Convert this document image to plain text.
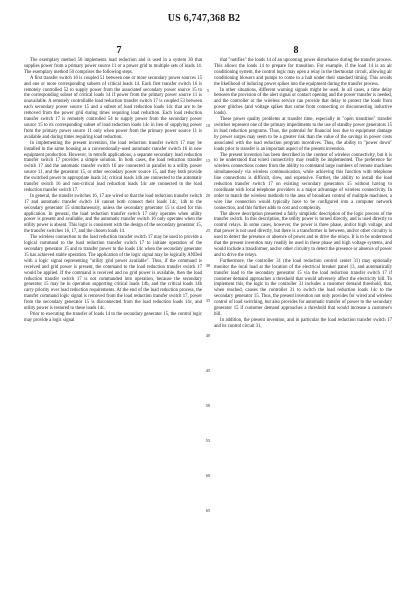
US 6,747,368 B2
7	8

The exemplary method 50 implements load reduction and is used in a system 30 that supplies power from a primary power source 11 or a power grid to multiple sets of loads 14. The exemplary method 50 comprises the following steps.

A first transfer switch 16 is coupled 51 between one or more secondary power sources 15 and one or more corresponding subsets of critical loads 14. Each first transfer switch 16 is remotely controlled 52 to supply power from the associated secondary power source 15 to the corresponding subset of critical loads 14 if power from the primary power source 11 is unavailable. A remotely controllable load reduction transfer switch 17 is coupled 53 between each secondary power source 15 and a subset of load reduction loads 14c that are to be removed from the power grid during times requiring load reduction. Each load reduction transfer switch 17 is remotely controlled 54 to supply power from the secondary power source 15 to its corresponding subset of load reduction loads 14c in lieu of supplying power from the primary power source 11 only when power from the primary power source 11 is available and during times requiring load reduction.

In implementing the present invention, the load reduction transfer switch 17 may be installed in the same housing as a conventionally-used automatic transfer switch 16 in new equipment production. However, in retrofit applications, a separate secondary load reduction transfer switch 17 provides a simple solution. In both cases, the load reduction transfer switch 17 and the automatic transfer switch 16 are connected in parallel to a utility power source 11, and the generator 15, or other secondary power source 15, and they both provide the switched power to appropriate loads 14; critical loads 14b are connected to the automatic transfer switch 16 and non-critical load reduction loads 14c are connected to the load reduction transfer switch 17.

In general, the transfer switches 16, 17 are wired so that the load reduction transfer switch 17 and automatic transfer switch 16 cannot both connect their loads 14c, 14b to the secondary generator 15 simultaneously, unless the secondary generator 15 is sized for this application. In general, the load reduction transfer switch 17 only operates when utility power is present and available, and the automatic transfer switch 16 only operates when the utility power is absent. This logic is consistent with the design of the secondary generator 15, the transfer switches 16, 17, and the chosen loads 14.

The wireless connection to the load reduction transfer switch 17 may be used to provide a logical command to the load reduction transfer switch 17 to initiate operation of the secondary generator 15 and to transfer power to the loads 14c when the secondary generator 15 has achieved stable operation. The application of the logic signal may be logically ANDed with a logic signal representing "utility grid power available". Thus, if the command is received and grid power is present, the command to the load reduction transfer switch 17 would be applied. If the command is received and no grid power is available, then the load reduction transfer switch 17 is not commanded into operation, because the secondary generator 15 may be in operation supporting critical loads 14b, and the critical loads 14b carry priority over load reduction requirements. At the end of the load reduction process, the transfer command logic signal is removed from the load reduction transfer switch 17, power from the secondary generator 15 is disconnected from the load reduction loads 14c, and utility power is restored to these loads 14c.

Prior to executing the transfer of loads 14 to the secondary generator 15, the control logic may provide a logic signal

5
10
15
20
25
30
35
40
45
50
55
60
65

that "notifies" the loads 14 of an upcoming power disturbance during the transfer process. This allows the loads 14 to prepare for transition. For example, if the load 14 is an air conditioning system, the control logic may open a relay in the thermostat circuit, allowing air conditioning blowers and pumps to come to a halt under their standard timing. This avoids the likelihood of inducing power spikes into the equipment during the transfer process.

In other situations, different warning signals might be used. In all cases, a time delay between the provision of the alert signal or contact opening and the power transfer is needed, and the controller or the wireless service can provide that delay to protect the loads from power glitches (and voltage spikes that come from connecting or disconnecting inductive loads).

These power quality problems at transfer time, especially in "open transition" transfer switches represent one of the primary impediments to the use of standby power generators 15 in load reduction programs. Thus, the potential for financial loss due to equipment damage by power surges may seem to be a greater risk than the value of the savings in power costs associated with the load reduction program incentives. Thus, the ability to "power down" loads prior to transfer is an important aspect of the present invention.

The present invention has been described in the context of wireless connectivity, but it is to be understood that wired connectivity may readily be implemented. The preference for wireless connections comes from the ability to command large numbers of remote machines simultaneously via wireless communication, while achieving this function with telephone line connections is difficult, slow, and expensive. Further, the ability to install the load reduction transfer switch 17 on existing secondary generators 15 without having to coordinate with local telephone providers is a major advantage of wireless connectivity. In order to match the wireless methods to the area of broadcast control of multiple machines, a wire line connection would typically have to be configured into a computer network connection, and this further adds to cost and complexity.

The above description presented a fairly simplistic description of the logic process of the transfer switch. In this description, the utility power is turned directly, and is used directly to control relays. In some cases, however, the power is three phase, and/or high voltage, and that power is not used directly, but there is a transformer in between, and/or other circuitry is used to detect the presence or absence of power and to drive the relays. It is to be understood that the present invention may readily be used in these phase and high voltage systems, and would include a transformer, and/or other circuitry to detect the presence or absence of power and to drive the relays.

Furthermore, the controller 31 (the load reduction control center 31) may optionally monitor the local load at the location of the electrical breaker panel 13, and automatically transfer load to the secondary generator 15 via the load reduction transfer switch 17 if customer demand approaches a threshold that would adversely affect the electricity bill. To implement this, the logic in the controller 31 includes a customer demand threshold, that, when reached, causes the controller 31 to switch the load reduction loads 14c to the secondary generator 15. Thus, the present invention not only provides for wired and wireless control of load switching, but also provides for automatic transfer of power to the secondary generator 15 if customer demand approaches a threshold that would increase a customer's bill.

In addition, the present invention, and in particular the load reduction transfer switch 17 and its control circuit 31,
